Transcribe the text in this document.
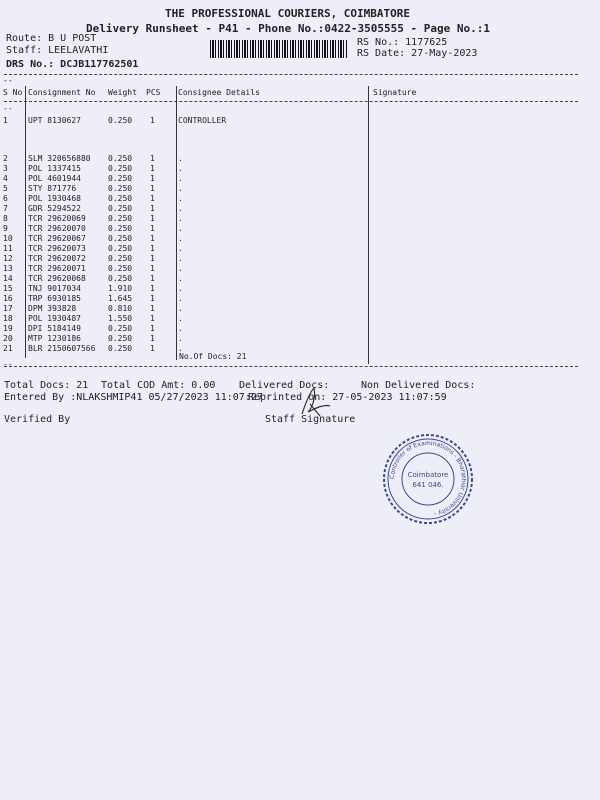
THE PROFESSIONAL COURIERS, COIMBATORE
Delivery Runsheet - P41 - Phone No.:0422-3505555 - Page No.:1
Route: B U POST
Staff: LEELAVATHI
DRS No.: DCJB117762501
RS No.: 1177625
RS Date: 27-May-2023
--
S No Consignment No Weight PCS Consignee Details	Signature
--
1	UPT 8130627	0.250 1	CONTROLLER
2	SLM 320656880 0.250 1	.
3	POL 1337415	0.250 1	.
4	POL 4601944	0.250 1	.
5	STY 871776	0.250 1	.
6	POL 1930468	0.250 1	.
7	GDR 5294522	0.250 1	.
8	TCR 29620069	0.250 1	.
9	TCR 29620070	0.250 1	.
10 TCR 29620067	0.250 1	.
11 TCR 29620073	0.250 1	.
12 TCR 29620072	0.250 1	.
13 TCR 29620071	0.250 1	.
14 TCR 29620068	0.250 1	.
15 TNJ 9017034	1.910 1	.
16 TRP 6930185	1.645 1	.
17 DPM 393828	0.810 1	.
18 POL 1930487	1.550 1	.
19 DPI 5184149	0.250 1	.
20 MTP 1230186	0.250 1	.
21 BLR 2150607566 0.250 1	.
No.Of Docs: 21
--
Total Docs: 21 Total COD Amt: 0.00 Delivered Docs:	Non Delivered Docs:
Entered By :NLAKSHMIP41 05/27/2023 11:07:27
Reprinted on: 27-05-2023 11:07:59
Verified By	Staff Signature
Controller of Examinations - Bharathiar University -
Coimbatore
641 046.
